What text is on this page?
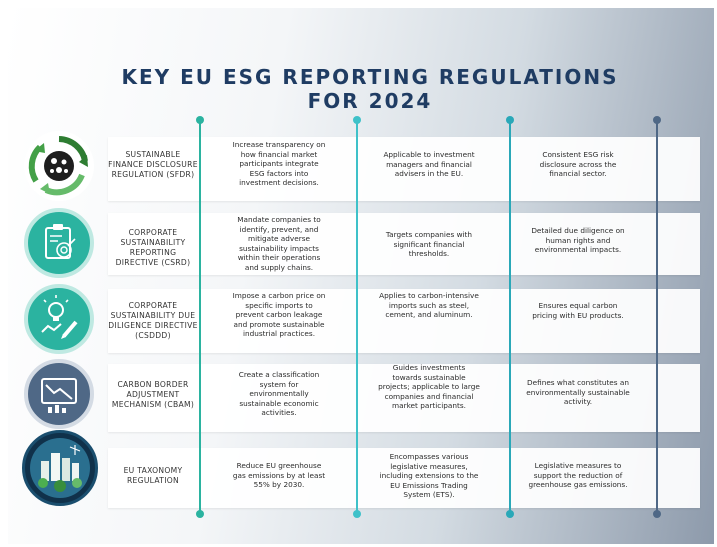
KEY EU ESG REPORTING REGULATIONS FOR 2024
SUSTAINABLE FINANCE DISCLOSURE REGULATION (SFDR)
Increase transparency on how financial market participants integrate ESG factors into investment decisions.
Applicable to investment managers and financial advisers in the EU.
Consistent ESG risk disclosure across the financial sector.
CORPORATE SUSTAINABILITY REPORTING DIRECTIVE (CSRD)
Mandate companies to identify, prevent, and mitigate adverse sustainability impacts within their operations and supply chains.
Targets companies with significant financial thresholds.
Detailed due diligence on human rights and environmental impacts.
CORPORATE SUSTAINABILITY DUE DILIGENCE DIRECTIVE (CSDDD)
Impose a carbon price on specific imports to prevent carbon leakage and promote sustainable industrial practices.
Applies to carbon-intensive imports such as steel, cement, and aluminum.
Ensures equal carbon pricing with EU products.
CARBON BORDER ADJUSTMENT MECHANISM (CBAM)
Create a classification system for environmentally sustainable economic activities.
Guides investments towards sustainable projects; applicable to large companies and financial market participants.
Defines what constitutes an environmentally sustainable activity.
EU TAXONOMY REGULATION
Reduce EU greenhouse gas emissions by at least 55% by 2030.
Encompasses various legislative measures, including extensions to the EU Emissions Trading System (ETS).
Legislative measures to support the reduction of greenhouse gas emissions.
